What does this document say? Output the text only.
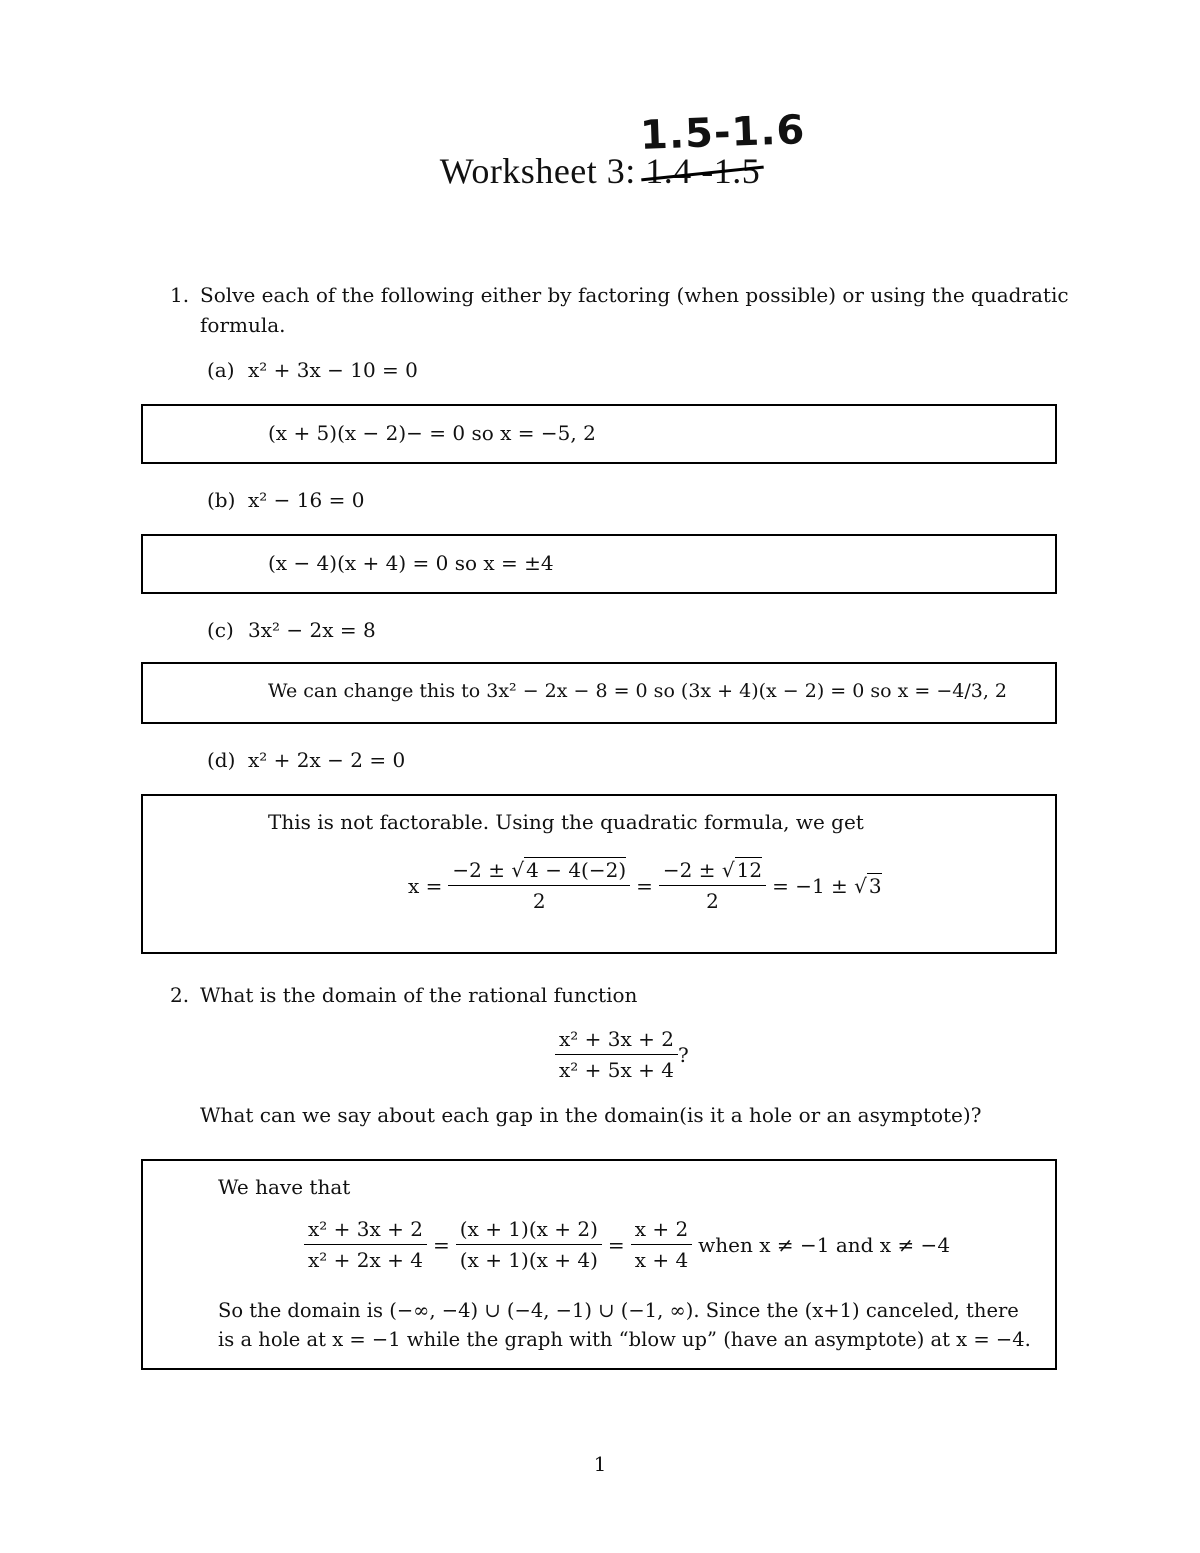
1.5-1.6
Worksheet 3: 1.4 -1.5
1. Solve each of the following either by factoring (when possible) or using the quadratic
formula.
(a) x² + 3x − 10 = 0
(x + 5)(x − 2)− = 0 so x = −5, 2
(b) x² − 16 = 0
(x − 4)(x + 4) = 0 so x = ±4
(c) 3x² − 2x = 8
We can change this to 3x² − 2x − 8 = 0 so (3x + 4)(x − 2) = 0 so x = −4/3, 2
(d) x² + 2x − 2 = 0
This is not factorable. Using the quadratic formula, we get
$x = \frac{-2 \pm √ 4 - 4(-2)}{2} = \frac{-2 \pm √ 12}{2} = -1$ ± √ 3
2. What is the domain of the rational function
$\frac{\text{x² + 3x + 2}}{\text{x² + 5x + 4}}$ ?
What can we say about each gap in the domain(is it a hole or an asymptote)?
We have that
$\frac{\text{x² + 3x + 2}}{\text{x² + 2x + 4}} = \frac{(x + 1)(x + 2)}{(x + 1)(x + 4)} = \frac{x + 2}{x + 4}$ when x ≠ −1 and x ≠ −4
So the domain is (−∞, −4) ∪ (−4, −1) ∪ (−1, ∞). Since the (x+1) canceled, there
is a hole at x = −1 while the graph with “blow up” (have an asymptote) at x = −4.
1
